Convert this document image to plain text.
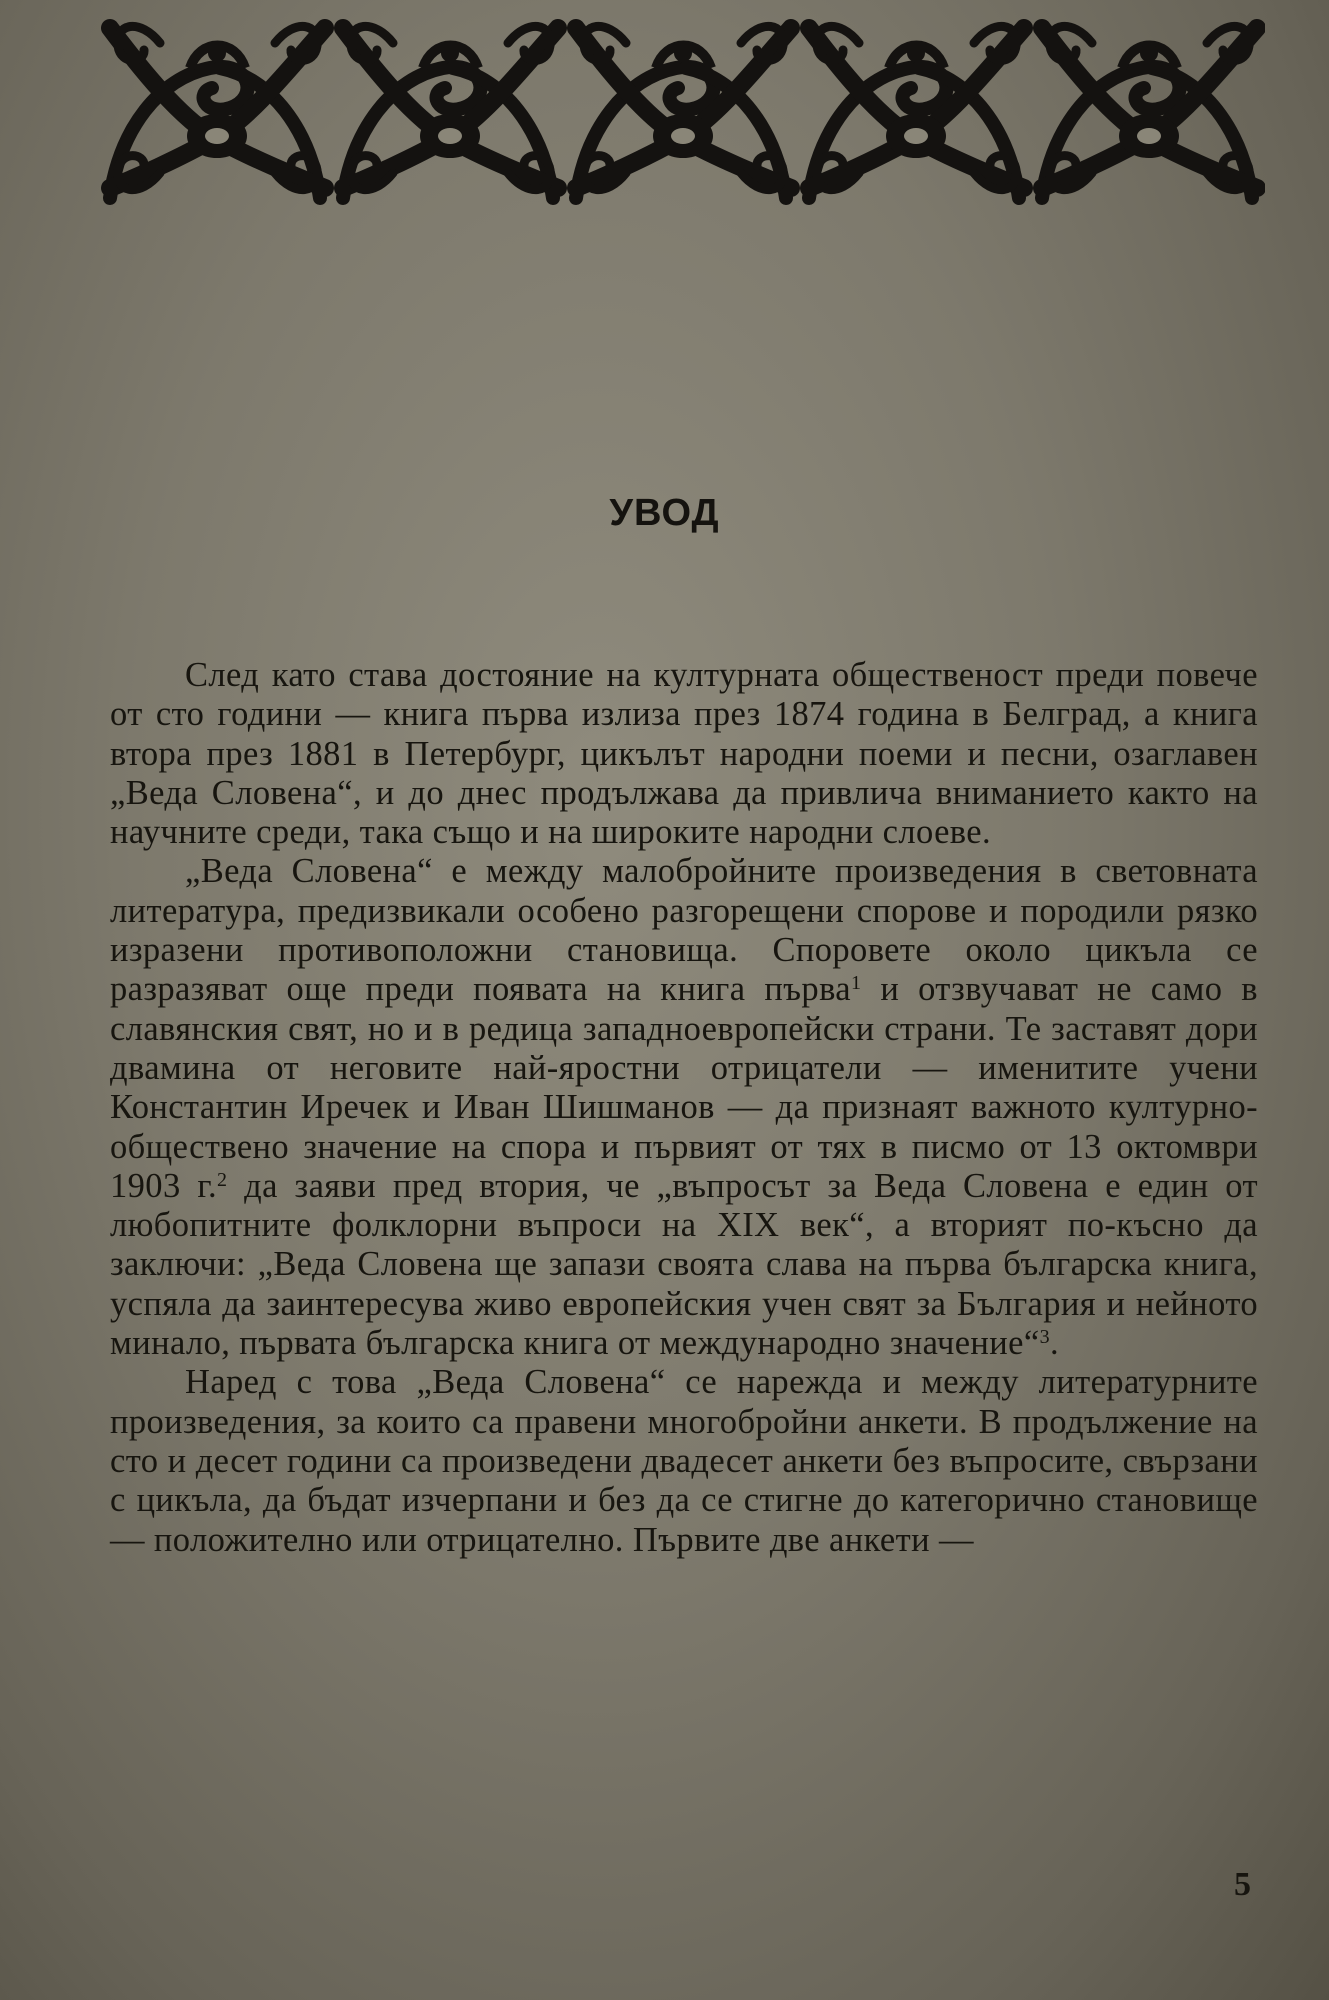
УВОД

След като става достояние на културната общественост преди повече от сто години — книга първа излиза през 1874 година в Белград, а книга втора през 1881 в Петербург, цикълът народни поеми и песни, озаглавен „Веда Словена“, и до днес продължава да привлича вниманието както на научните среди, така също и на широките народни слоеве.

„Веда Словена“ е между малобройните произведения в световната литература, предизвикали особено разгорещени спорове и породили рязко изразени противоположни становища. Споровете около цикъла се разразяват още преди появата на книга първа$^1$ и отзвучават не само в славянския свят, но и в редица западноевропейски страни. Те заставят дори двамина от неговите най-яростни отрицатели — именитите учени Константин Иречек и Иван Шишманов — да признаят важното културно-обществено значение на спора и първият от тях в писмо от 13 октомври 1903 г.$^2$ да заяви пред втория, че „въпросът за Веда Словена е един от любопитните фолклорни въпроси на XIX век“, а вторият по-късно да заключи: „Веда Словена ще запази своята слава на първа българска книга, успяла да заинтересува живо европейския учен свят за България и нейното минало, първата българска книга от международно значение“$^3$.

Наред с това „Веда Словена“ се нарежда и между литературните произведения, за които са правени многобройни анкети. В продължение на сто и десет години са произведени двадесет анкети без въпросите, свързани с цикъла, да бъдат изчерпани и без да се стигне до категорично становище — положително или отрицателно. Първите две анкети —

5
